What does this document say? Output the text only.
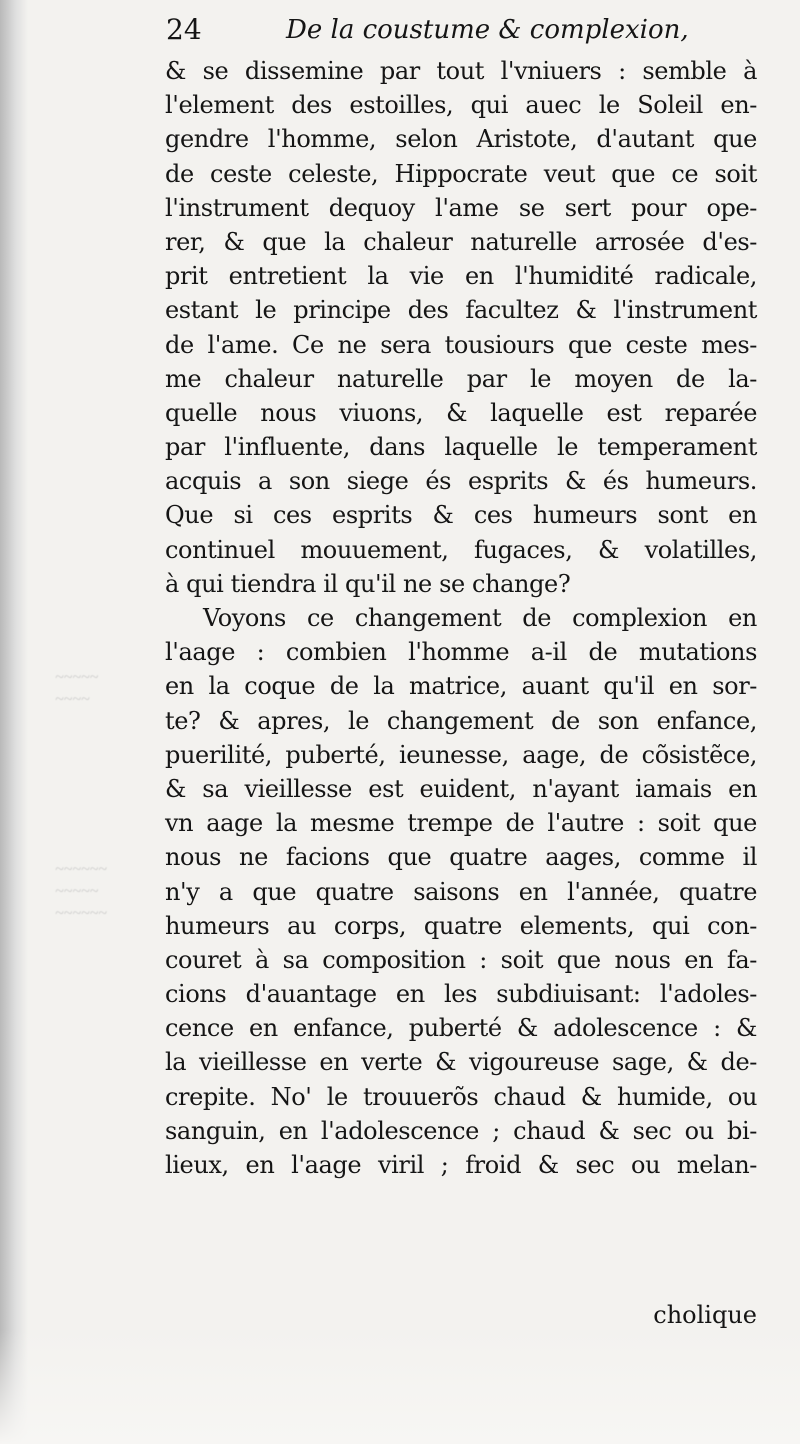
~~~~~
~~~~
~~~~~~
~~~~~
~~~~~~
24	De la coustume & complexion,
& se dissemine par tout l'vniuers : semble à
l'element des estoilles, qui auec le Soleil en-
gendre l'homme, selon Aristote, d'autant que
de ceste celeste, Hippocrate veut que ce soit
l'instrument dequoy l'ame se sert pour ope-
rer, & que la chaleur naturelle arrosée d'es-
prit entretient la vie en l'humidité radicale,
estant le principe des facultez & l'instrument
de l'ame. Ce ne sera tousiours que ceste mes-
me chaleur naturelle par le moyen de la-
quelle nous viuons, & laquelle est reparée
par l'influente, dans laquelle le temperament
acquis a son siege és esprits & és humeurs.
Que si ces esprits & ces humeurs sont en
continuel mouuement, fugaces, & volatilles,
à qui tiendra il qu'il ne se change?
Voyons ce changement de complexion en
l'aage : combien l'homme a-il de mutations
en la coque de la matrice, auant qu'il en sor-
te? & apres, le changement de son enfance,
puerilité, puberté, ieunesse, aage, de cõsistẽce,
& sa vieillesse est euident, n'ayant iamais en
vn aage la mesme trempe de l'autre : soit que
nous ne facions que quatre aages, comme il
n'y a que quatre saisons en l'année, quatre
humeurs au corps, quatre elements, qui con-
couret à sa composition : soit que nous en fa-
cions d'auantage en les subdiuisant: l'adoles-
cence en enfance, puberté & adolescence : &
la vieillesse en verte & vigoureuse sage, & de-
crepite. No' le trouuerõs chaud & humide, ou
sanguin, en l'adolescence ; chaud & sec ou bi-
lieux, en l'aage viril ; froid & sec ou melan-
cholique
